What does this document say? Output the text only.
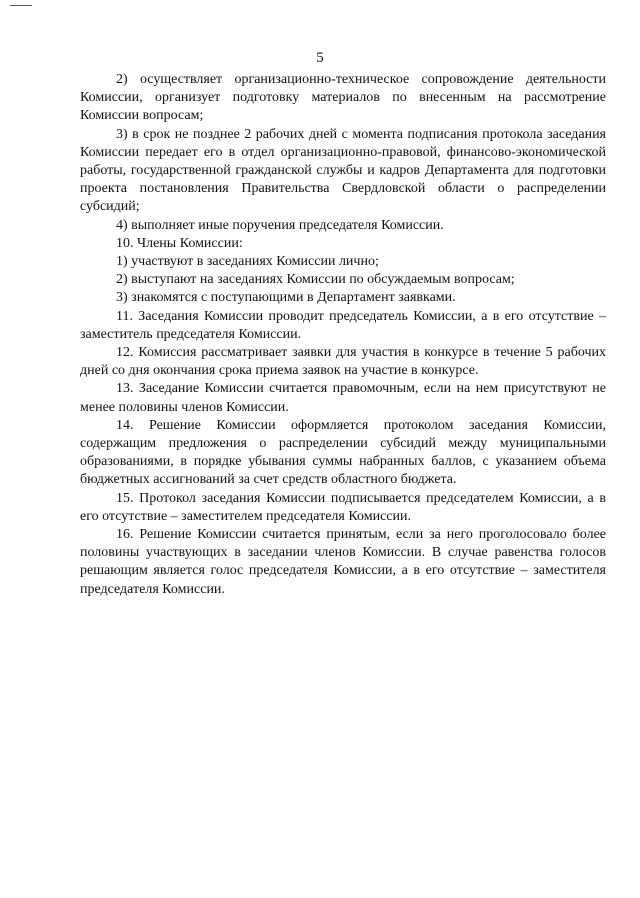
5

2) осуществляет организационно-техническое сопровождение деятельности Комиссии, организует подготовку материалов по внесенным на рассмотрение Комиссии вопросам;

3) в срок не позднее 2 рабочих дней с момента подписания протокола заседания Комиссии передает его в отдел организационно-правовой, финансово-экономической работы, государственной гражданской службы и кадров Департамента для подготовки проекта постановления Правительства Свердловской области о распределении субсидий;

4) выполняет иные поручения председателя Комиссии.

10. Члены Комиссии:

1) участвуют в заседаниях Комиссии лично;

2) выступают на заседаниях Комиссии по обсуждаемым вопросам;

3) знакомятся с поступающими в Департамент заявками.

11. Заседания Комиссии проводит председатель Комиссии, а в его отсутствие – заместитель председателя Комиссии.

12. Комиссия рассматривает заявки для участия в конкурсе в течение 5 рабочих дней со дня окончания срока приема заявок на участие в конкурсе.

13. Заседание Комиссии считается правомочным, если на нем присутствуют не менее половины членов Комиссии.

14. Решение Комиссии оформляется протоколом заседания Комиссии, содержащим предложения о распределении субсидий между муниципальными образованиями, в порядке убывания суммы набранных баллов, с указанием объема бюджетных ассигнований за счет средств областного бюджета.

15. Протокол заседания Комиссии подписывается председателем Комиссии, а в его отсутствие – заместителем председателя Комиссии.

16. Решение Комиссии считается принятым, если за него проголосовало более половины участвующих в заседании членов Комиссии. В случае равенства голосов решающим является голос председателя Комиссии, а в его отсутствие – заместителя председателя Комиссии.
